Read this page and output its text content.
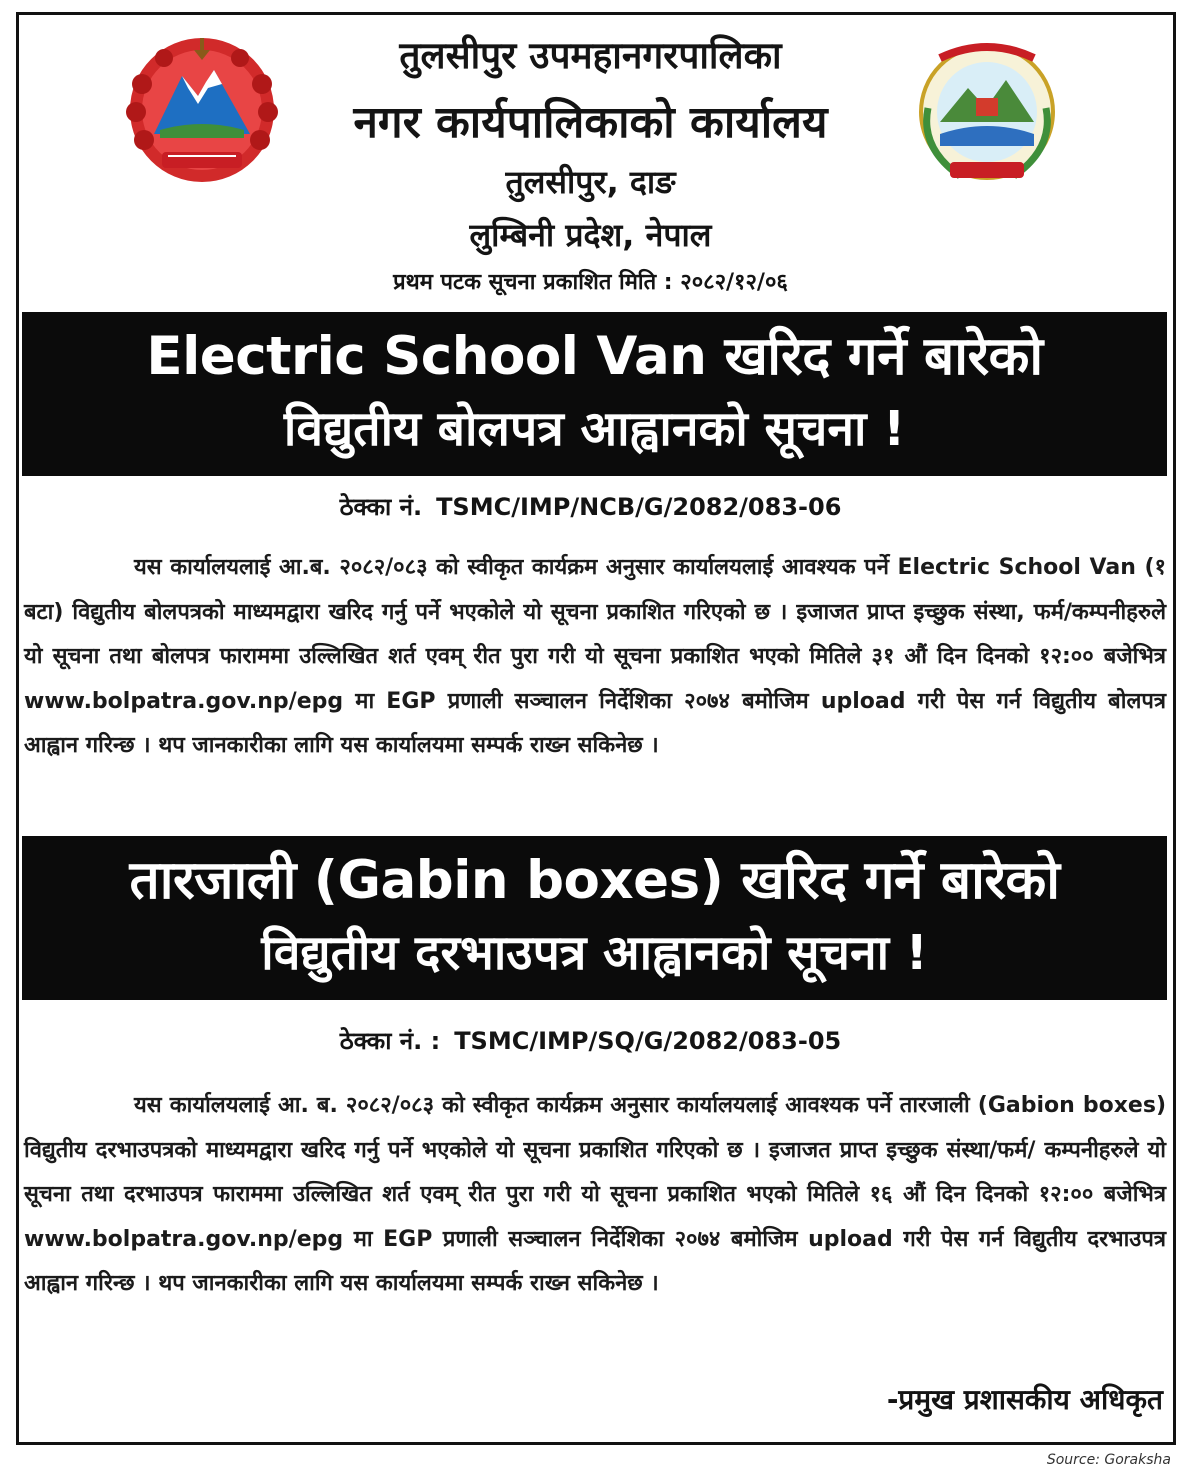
तुलसीपुर उपमहानगरपालिका
नगर कार्यपालिकाको कार्यालय
तुलसीपुर, दाङ
लुम्बिनी प्रदेश, नेपाल
प्रथम पटक सूचना प्रकाशित मिति : २०८२/१२/०६
Electric School Van खरिद गर्ने बारेको
विद्युतीय बोलपत्र आह्वानको सूचना !
ठेक्का नं. TSMC/IMP/NCB/G/2082/083-06

यस कार्यालयलाई आ.ब. २०८२/०८३ को स्वीकृत कार्यक्रम अनुसार कार्यालयलाई आवश्यक पर्ने Electric School Van (१ बटा) विद्युतीय बोलपत्रको माध्यमद्वारा खरिद गर्नु पर्ने भएकोले यो सूचना प्रकाशित गरिएको छ । इजाजत प्राप्त इच्छुक संस्था, फर्म/कम्पनीहरुले यो सूचना तथा बोलपत्र फाराममा उल्लिखित शर्त एवम् रीत पुरा गरी यो सूचना प्रकाशित भएको मितिले ३१ औं दिन दिनको १२:०० बजेभित्र www.bolpatra.gov.np/epg मा EGP प्रणाली सञ्चालन निर्देशिका २०७४ बमोजिम upload गरी पेस गर्न विद्युतीय बोलपत्र आह्वान गरिन्छ । थप जानकारीका लागि यस कार्यालयमा सम्पर्क राख्न सकिनेछ ।

तारजाली (Gabin boxes) खरिद गर्ने बारेको
विद्युतीय दरभाउपत्र आह्वानको सूचना !
ठेक्का नं. : TSMC/IMP/SQ/G/2082/083-05

यस कार्यालयलाई आ. ब. २०८२/०८३ को स्वीकृत कार्यक्रम अनुसार कार्यालयलाई आवश्यक पर्ने तारजाली (Gabion boxes) विद्युतीय दरभाउपत्रको माध्यमद्वारा खरिद गर्नु पर्ने भएकोले यो सूचना प्रकाशित गरिएको छ । इजाजत प्राप्त इच्छुक संस्था/फर्म/ कम्पनीहरुले यो सूचना तथा दरभाउपत्र फाराममा उल्लिखित शर्त एवम् रीत पुरा गरी यो सूचना प्रकाशित भएको मितिले १६ औं दिन दिनको १२:०० बजेभित्र www.bolpatra.gov.np/epg मा EGP प्रणाली सञ्चालन निर्देशिका २०७४ बमोजिम upload गरी पेस गर्न विद्युतीय दरभाउपत्र आह्वान गरिन्छ । थप जानकारीका लागि यस कार्यालयमा सम्पर्क राख्न सकिनेछ ।

-प्रमुख प्रशासकीय अधिकृत
Source: Goraksha
